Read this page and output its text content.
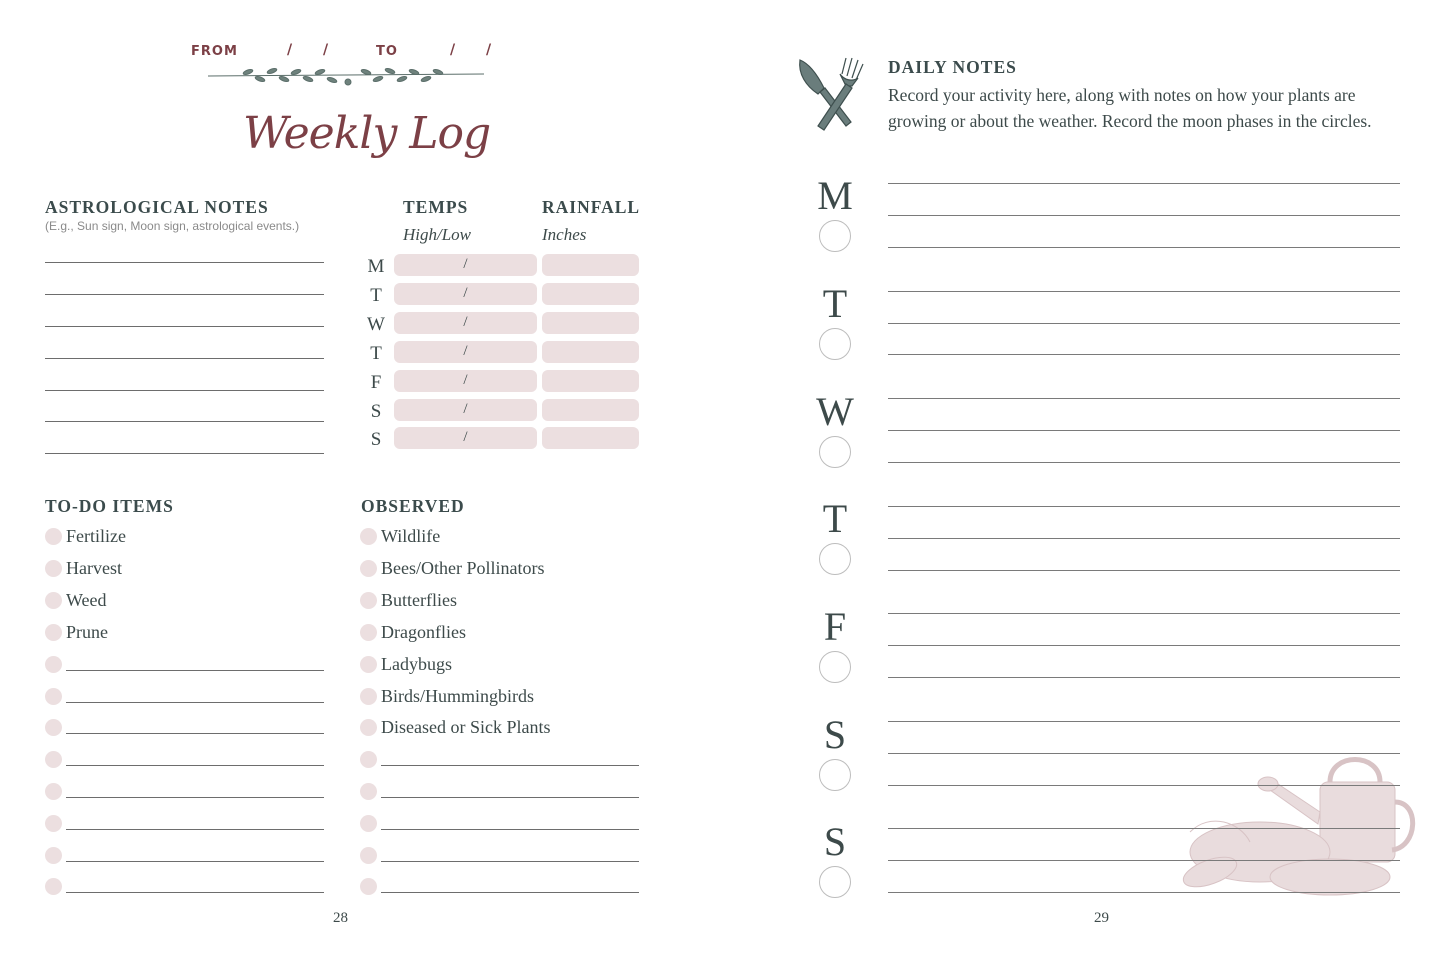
FROM	/ /	TO	/ /
Weekly Log
ASTROLOGICAL NOTES
(E.g., Sun sign, Moon sign, astrological events.)
TEMPS
High/Low
RAINFALL
Inches
M	/
T	/
W	/
T	/
F	/
S	/
S	/
TO-DO ITEMS
Fertilize
Harvest
Weed
Prune
OBSERVED
Wildlife
Bees/Other Pollinators
Butterflies
Dragonflies
Ladybugs
Birds/Hummingbirds
Diseased or Sick Plants
28
DAILY NOTES
Record your activity here, along with notes on how your plants are
growing or about the weather. Record the moon phases in the circles.
M
T
W
T
F
S
S
29
